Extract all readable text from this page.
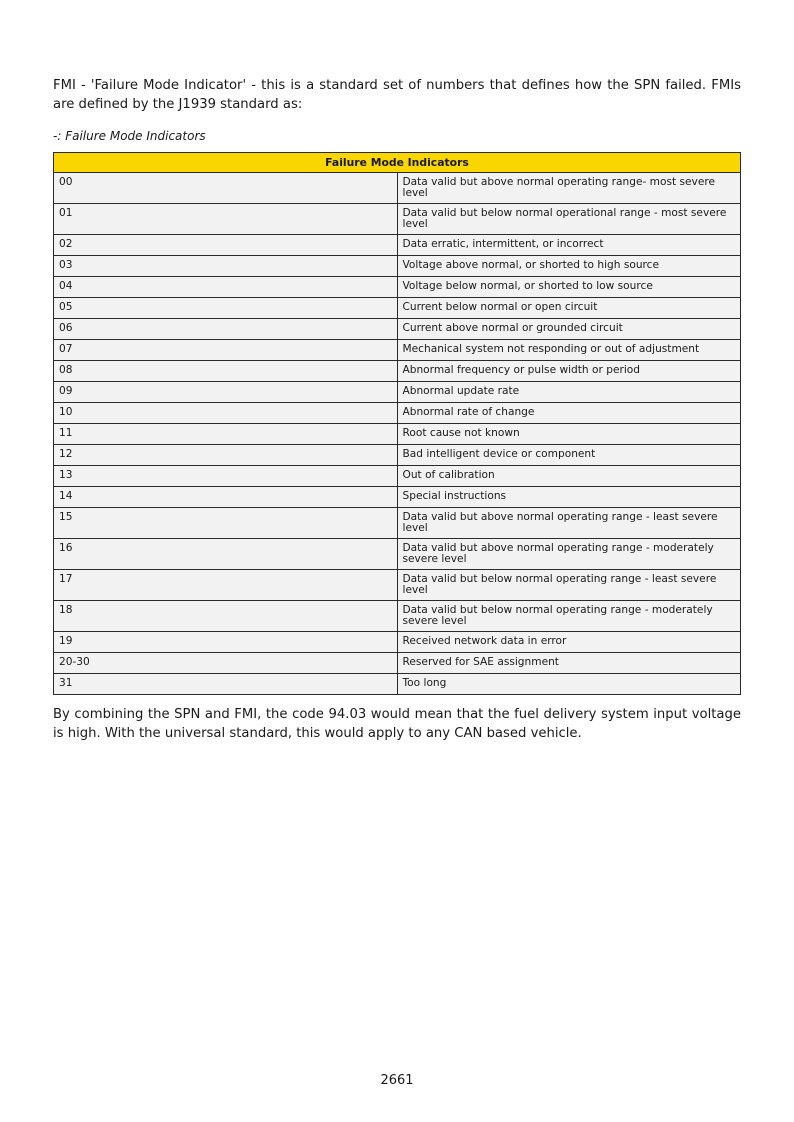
FMI - 'Failure Mode Indicator' - this is a standard set of numbers that defines how the SPN failed. FMIs are defined by the J1939 standard as:

-: Failure Mode Indicators
Failure Mode Indicators	
00	Data valid but above normal operating range- most severe level
01	Data valid but below normal operational range - most severe level
02	Data erratic, intermittent, or incorrect
03	Voltage above normal, or shorted to high source
04	Voltage below normal, or shorted to low source
05	Current below normal or open circuit
06	Current above normal or grounded circuit
07	Mechanical system not responding or out of adjustment
08	Abnormal frequency or pulse width or period
09	Abnormal update rate
10	Abnormal rate of change
11	Root cause not known
12	Bad intelligent device or component
13	Out of calibration
14	Special instructions
15	Data valid but above normal operating range - least severe level
16	Data valid but above normal operating range - moderately severe level
17	Data valid but below normal operating range - least severe level
18	Data valid but below normal operating range - moderately severe level
19	Received network data in error
20-30	Reserved for SAE assignment
31	Too long

By combining the SPN and FMI, the code 94.03 would mean that the fuel delivery system input voltage is high. With the universal standard, this would apply to any CAN based vehicle.

2661
